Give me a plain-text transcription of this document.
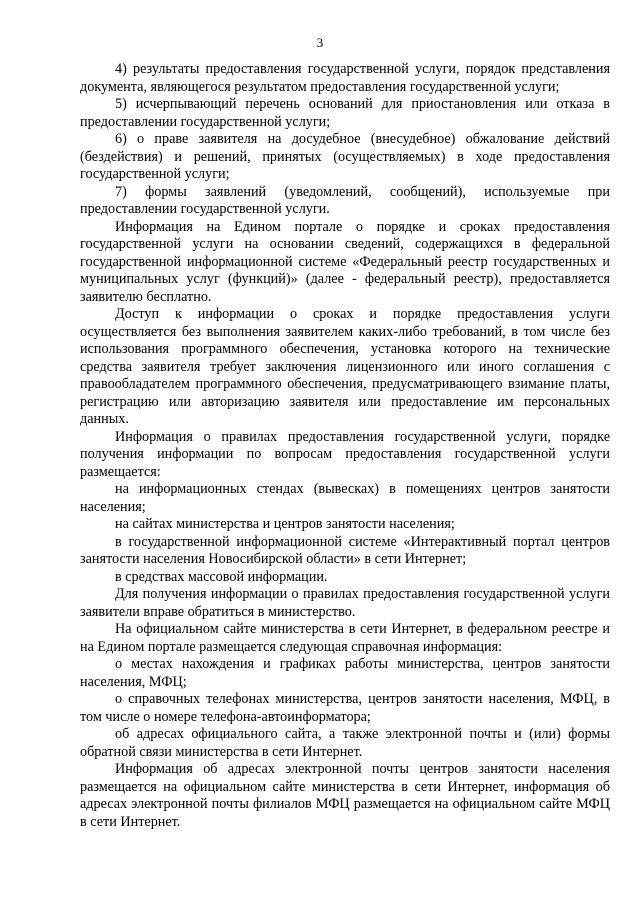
3

4) результаты предоставления государственной услуги, порядок представления документа, являющегося результатом предоставления государственной услуги;

5) исчерпывающий перечень оснований для приостановления или отказа в предоставлении государственной услуги;

6) о праве заявителя на досудебное (внесудебное) обжалование действий (бездействия) и решений, принятых (осуществляемых) в ходе предоставления государственной услуги;

7) формы заявлений (уведомлений, сообщений), используемые при предоставлении государственной услуги.

Информация на Едином портале о порядке и сроках предоставления государственной услуги на основании сведений, содержащихся в федеральной государственной информационной системе «Федеральный реестр государственных и муниципальных услуг (функций)» (далее - федеральный реестр), предоставляется заявителю бесплатно.

Доступ к информации о сроках и порядке предоставления услуги осуществляется без выполнения заявителем каких-либо требований, в том числе без использования программного обеспечения, установка которого на технические средства заявителя требует заключения лицензионного или иного соглашения с правообладателем программного обеспечения, предусматривающего взимание платы, регистрацию или авторизацию заявителя или предоставление им персональных данных.

Информация о правилах предоставления государственной услуги, порядке получения информации по вопросам предоставления государственной услуги размещается:

на информационных стендах (вывесках) в помещениях центров занятости населения;

на сайтах министерства и центров занятости населения;

в государственной информационной системе «Интерактивный портал центров занятости населения Новосибирской области» в сети Интернет;

в средствах массовой информации.

Для получения информации о правилах предоставления государственной услуги заявители вправе обратиться в министерство.

На официальном сайте министерства в сети Интернет, в федеральном реестре и на Едином портале размещается следующая справочная информация:

о местах нахождения и графиках работы министерства, центров занятости населения, МФЦ;

о справочных телефонах министерства, центров занятости населения, МФЦ, в том числе о номере телефона-автоинформатора;

об адресах официального сайта, а также электронной почты и (или) формы обратной связи министерства в сети Интернет.

Информация об адресах электронной почты центров занятости населения размещается на официальном сайте министерства в сети Интернет, информация об адресах электронной почты филиалов МФЦ размещается на официальном сайте МФЦ в сети Интернет.
